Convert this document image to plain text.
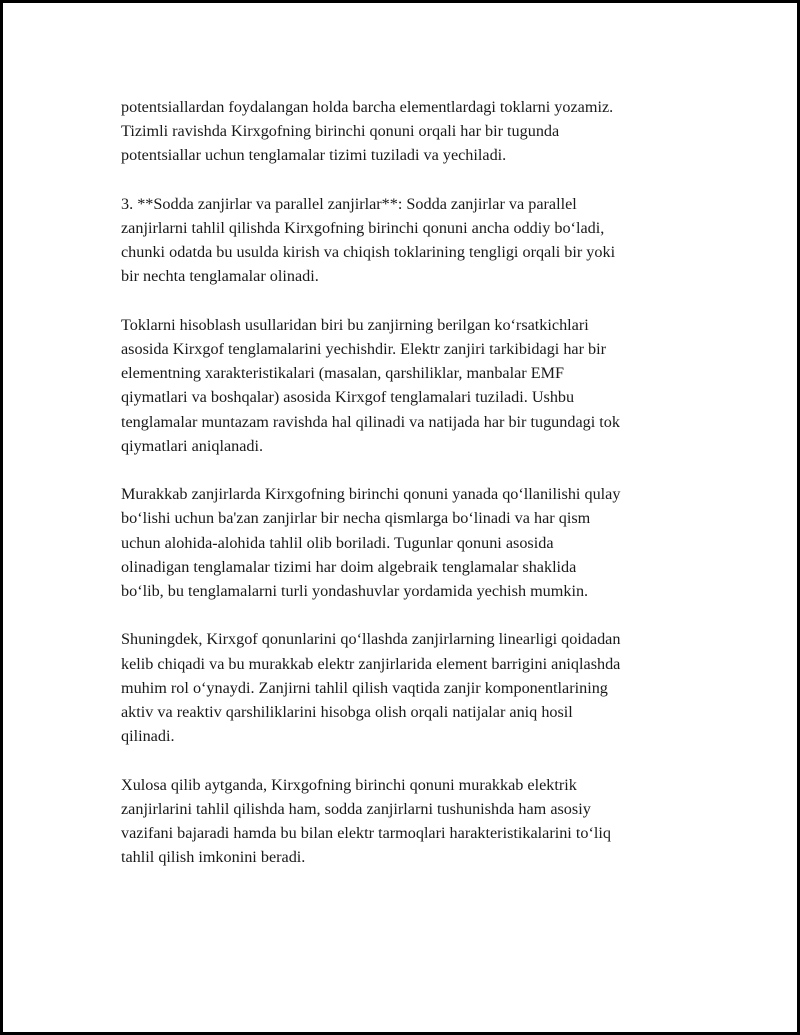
potentsiallardan foydalangan holda barcha elementlardagi toklarni yozamiz.
Tizimli ravishda Kirxgofning birinchi qonuni orqali har bir tugunda
potentsiallar uchun tenglamalar tizimi tuziladi va yechiladi.

3. **Sodda zanjirlar va parallel zanjirlar**: Sodda zanjirlar va parallel
zanjirlarni tahlil qilishda Kirxgofning birinchi qonuni ancha oddiy boʻladi,
chunki odatda bu usulda kirish va chiqish toklarining tengligi orqali bir yoki
bir nechta tenglamalar olinadi.

Toklarni hisoblash usullaridan biri bu zanjirning berilgan koʻrsatkichlari
asosida Kirxgof tenglamalarini yechishdir. Elektr zanjiri tarkibidagi har bir
elementning xarakteristikalari (masalan, qarshiliklar, manbalar EMF
qiymatlari va boshqalar) asosida Kirxgof tenglamalari tuziladi. Ushbu
tenglamalar muntazam ravishda hal qilinadi va natijada har bir tugundagi tok
qiymatlari aniqlanadi.

Murakkab zanjirlarda Kirxgofning birinchi qonuni yanada qoʻllanilishi qulay
boʻlishi uchun ba'zan zanjirlar bir necha qismlarga boʻlinadi va har qism
uchun alohida-alohida tahlil olib boriladi. Tugunlar qonuni asosida
olinadigan tenglamalar tizimi har doim algebraik tenglamalar shaklida
boʻlib, bu tenglamalarni turli yondashuvlar yordamida yechish mumkin.

Shuningdek, Kirxgof qonunlarini qoʻllashda zanjirlarning linearligi qoidadan
kelib chiqadi va bu murakkab elektr zanjirlarida element barrigini aniqlashda
muhim rol oʻynaydi. Zanjirni tahlil qilish vaqtida zanjir komponentlarining
aktiv va reaktiv qarshiliklarini hisobga olish orqali natijalar aniq hosil
qilinadi.

Xulosa qilib aytganda, Kirxgofning birinchi qonuni murakkab elektrik
zanjirlarini tahlil qilishda ham, sodda zanjirlarni tushunishda ham asosiy
vazifani bajaradi hamda bu bilan elektr tarmoqlari harakteristikalarini toʻliq
tahlil qilish imkonini beradi.
